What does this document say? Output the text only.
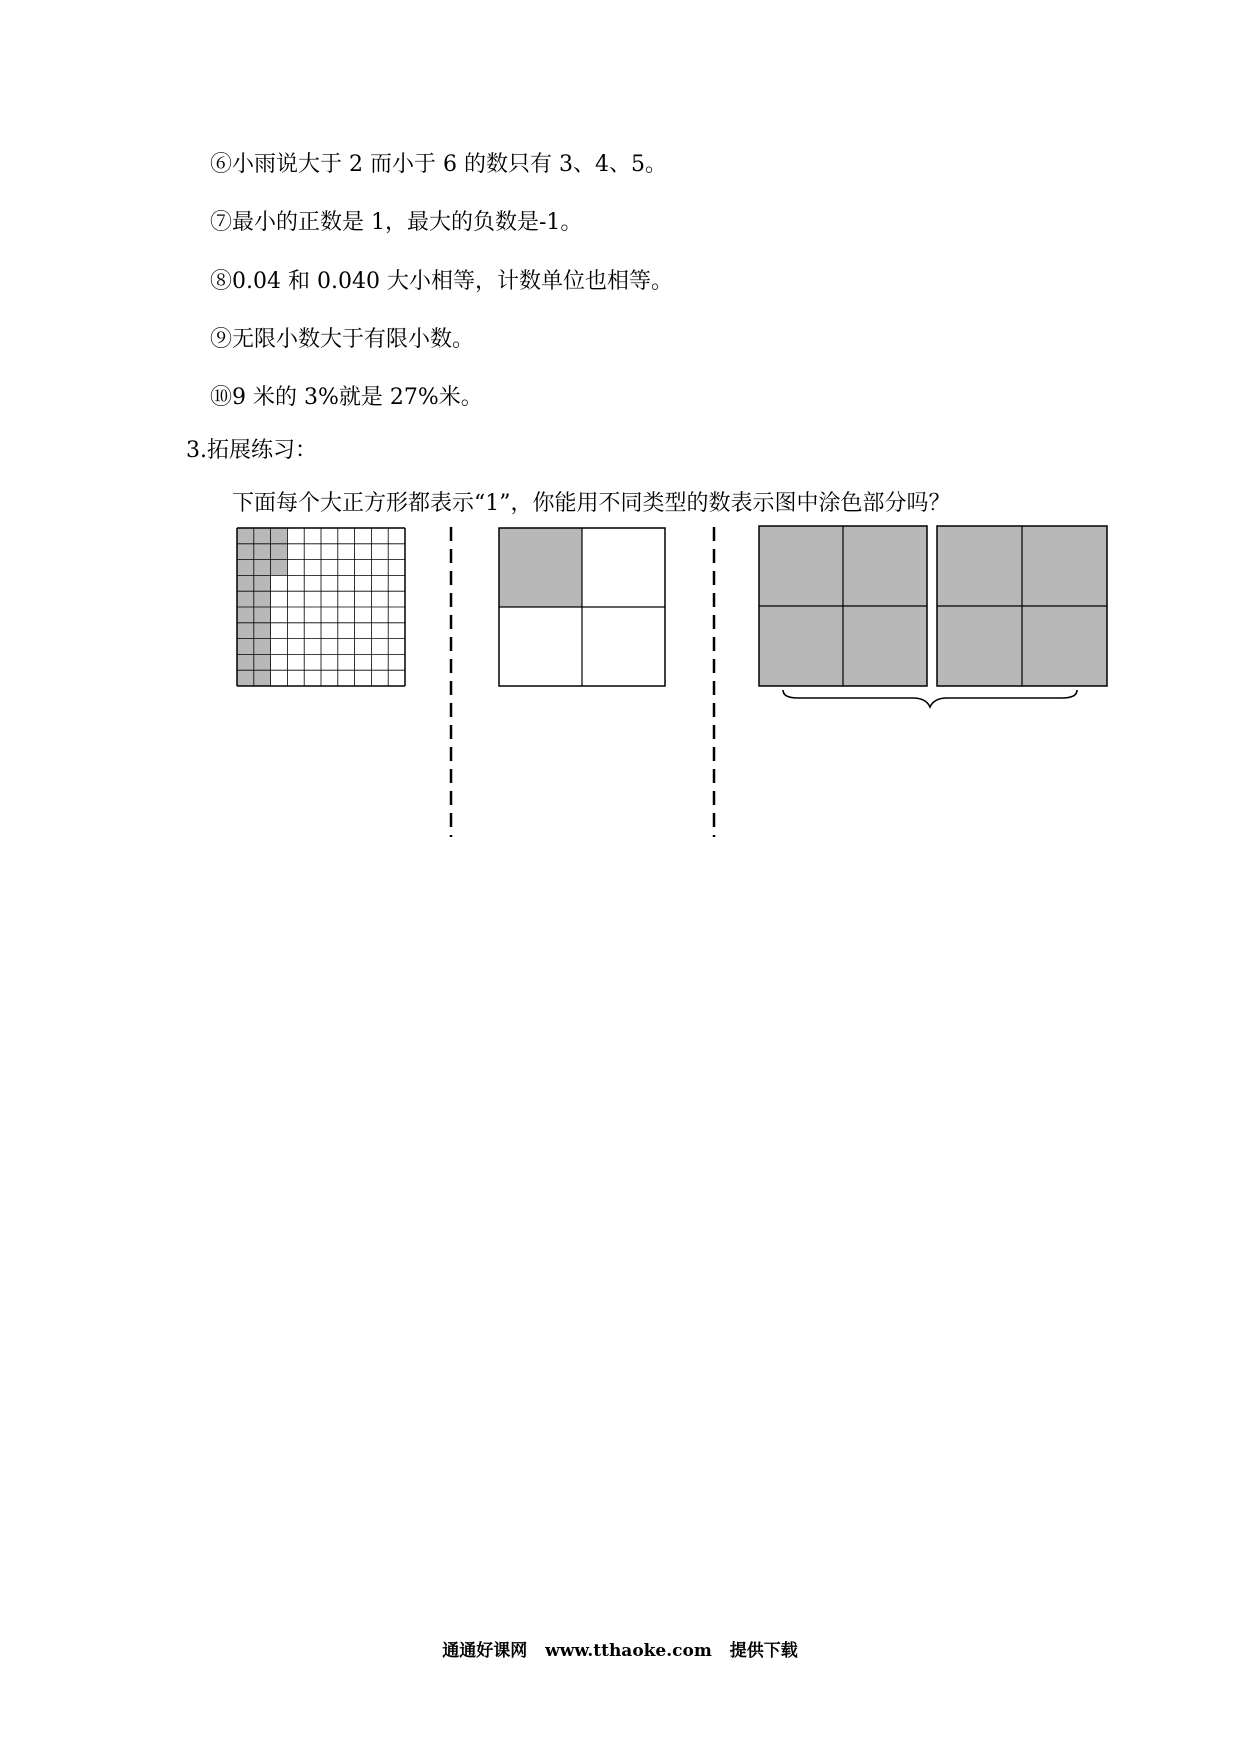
⑥小雨说大于 2 而小于 6 的数只有 3、4、5。
⑦最小的正数是 1，最大的负数是-1。
⑧0.04 和 0.040 大小相等，计数单位也相等。
⑨无限小数大于有限小数。
⑩9 米的 3%就是 27%米。
3.拓展练习：
下面每个大正方形都表示“1”，你能用不同类型的数表示图中涂色部分吗？
通通好课网 www.tthaoke.com 提供下载
